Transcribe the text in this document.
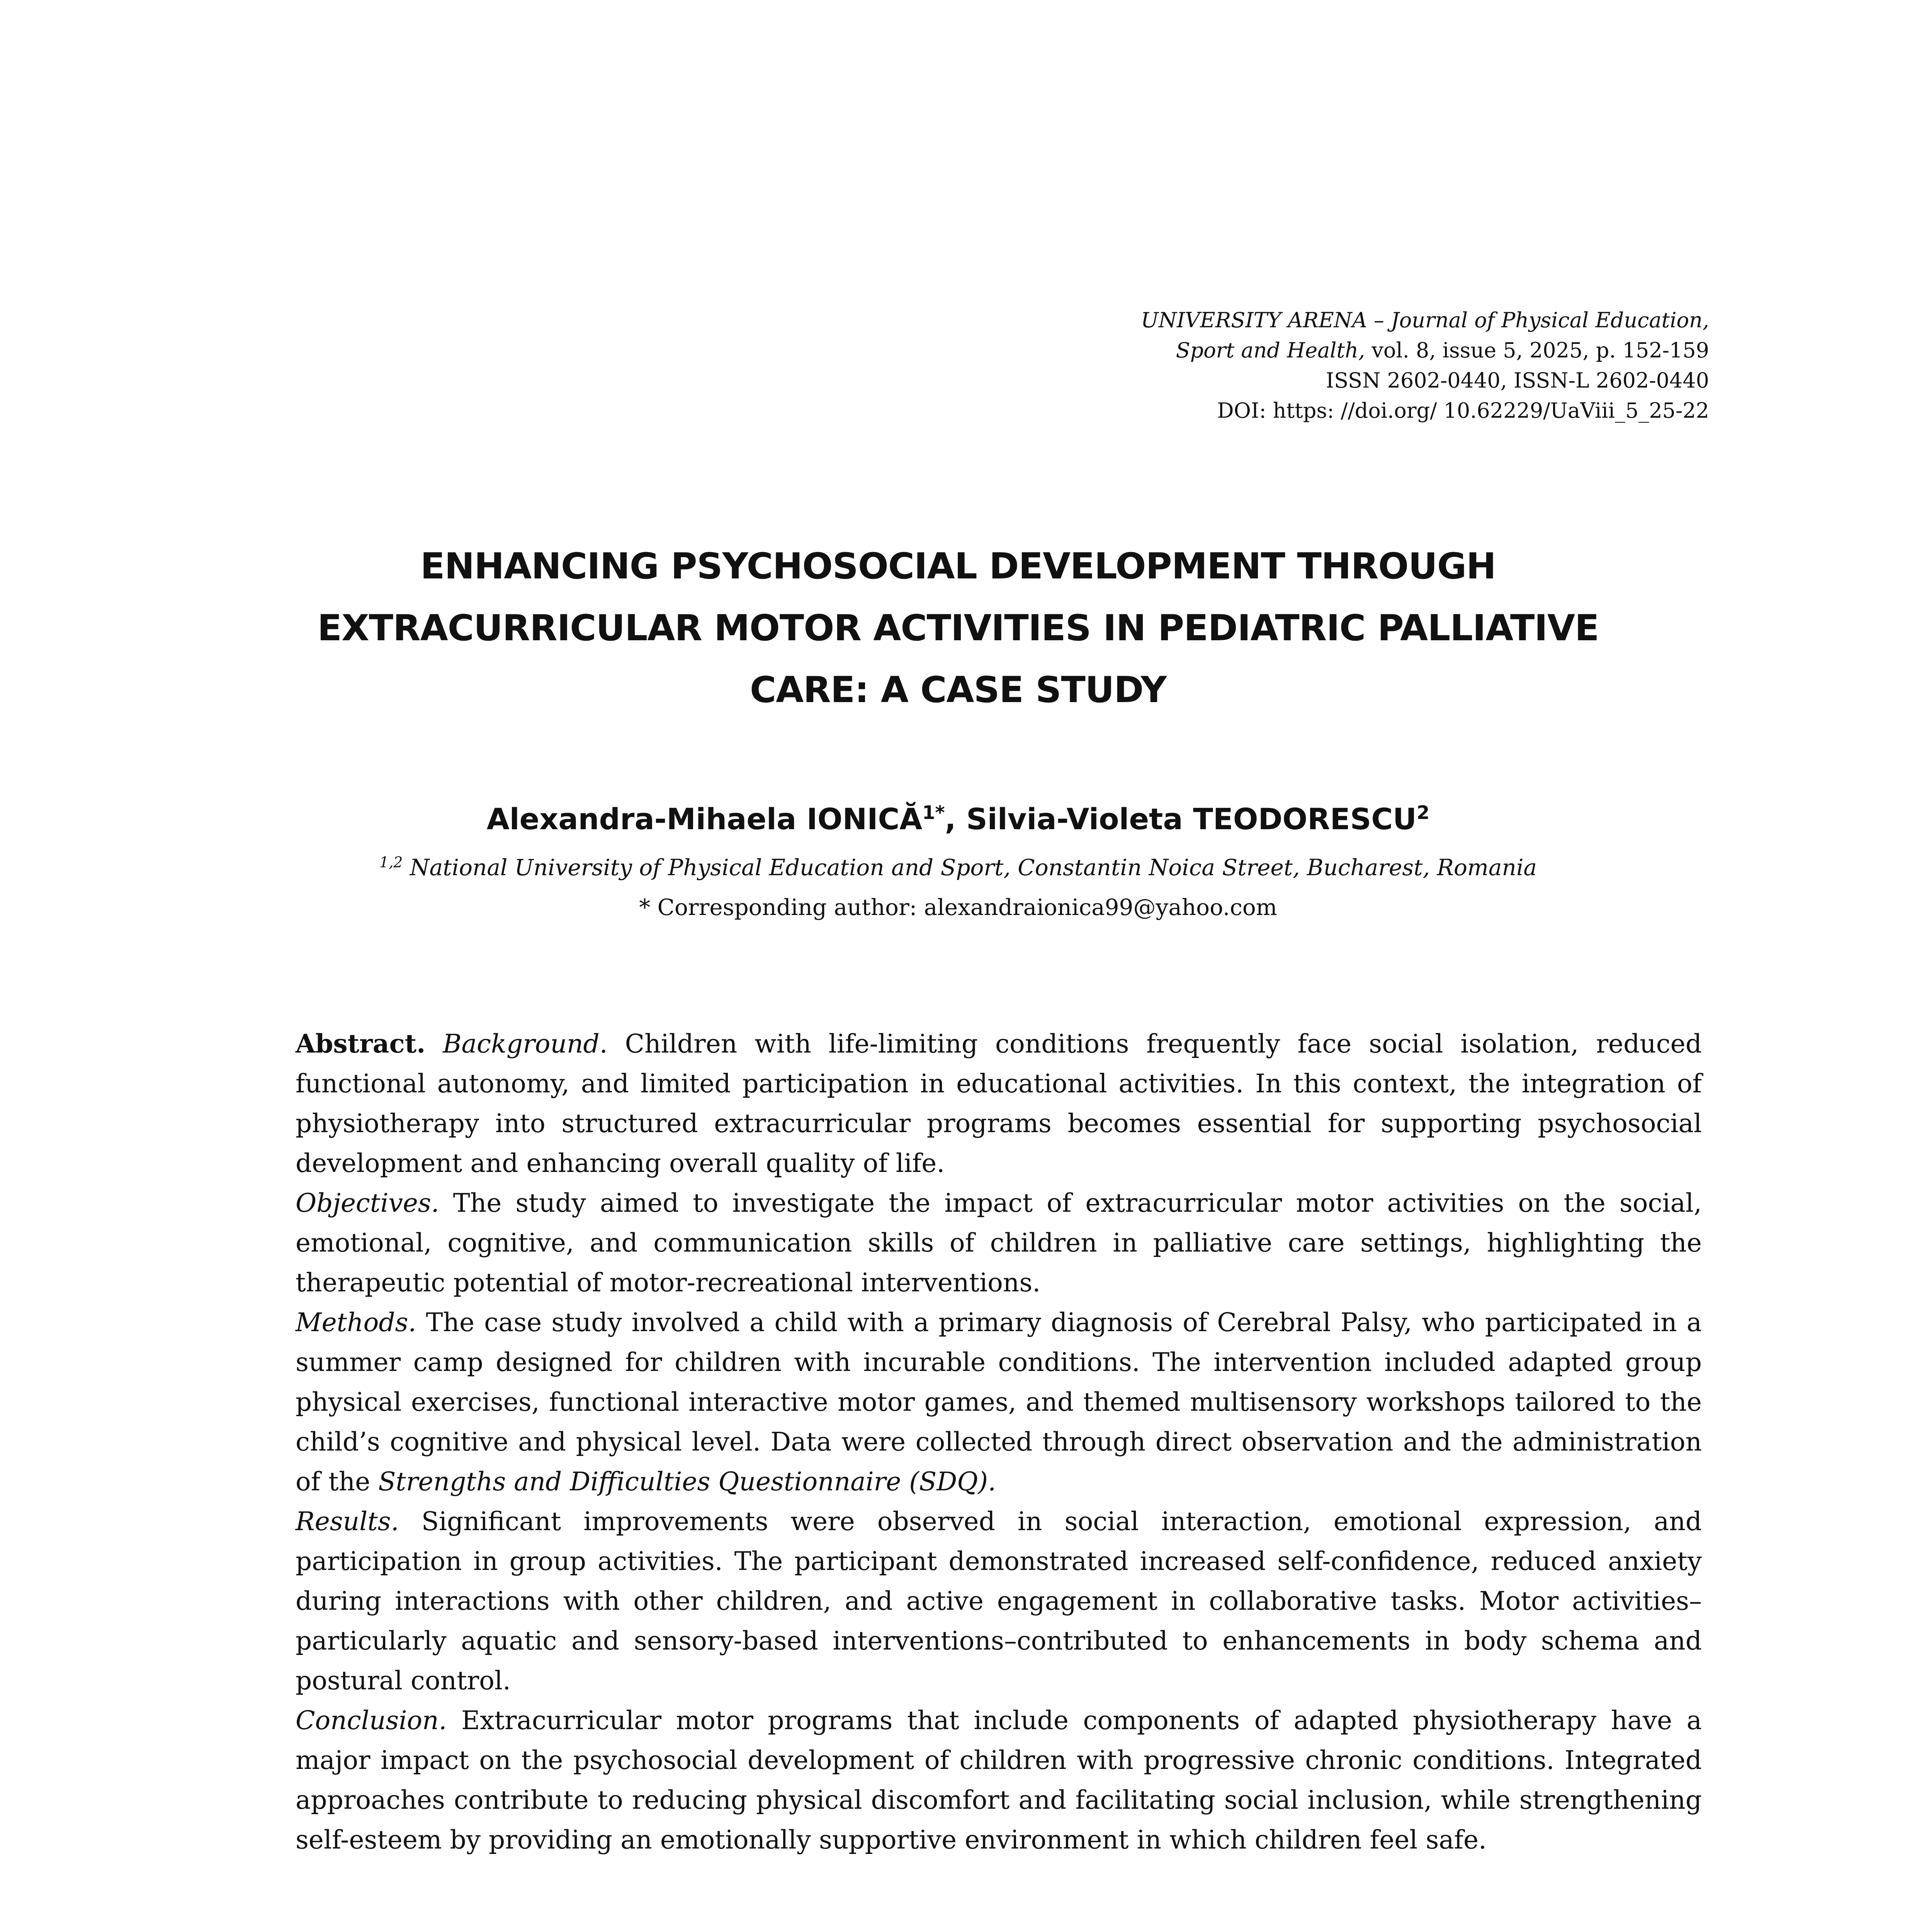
UNIVERSITY ARENA – Journal of Physical Education,
Sport and Health, vol. 8, issue 5, 2025, p. 152-159
ISSN 2602-0440, ISSN-L 2602-0440
DOI: https: //doi.org/ 10.62229/UaViii_5_25-22
ENHANCING PSYCHOSOCIAL DEVELOPMENT THROUGH
EXTRACURRICULAR MOTOR ACTIVITIES IN PEDIATRIC PALLIATIVE
CARE: A CASE STUDY
Alexandra-Mihaela $IONICĂ^{1*}$, Silvia-Violeta TEODORESCU$^2$
$^{1,2}$ National University of Physical Education and Sport, Constantin Noica Street, Bucharest, Romania
* Corresponding author: alexandraionica99@yahoo.com

Abstract. Background. Children with life-limiting conditions frequently face social isolation, reduced functional autonomy, and limited participation in educational activities. In this context, the integration of physiotherapy into structured extracurricular programs becomes essential for supporting psychosocial development and enhancing overall quality of life.

Objectives. The study aimed to investigate the impact of extracurricular motor activities on the social, emotional, cognitive, and communication skills of children in palliative care settings, highlighting the therapeutic potential of motor-recreational interventions.

Methods. The case study involved a child with a primary diagnosis of Cerebral Palsy, who participated in a summer camp designed for children with incurable conditions. The intervention included adapted group physical exercises, functional interactive motor games, and themed multisensory workshops tailored to the child’s cognitive and physical level. Data were collected through direct observation and the administration of the Strengths and Difficulties Questionnaire (SDQ).

Results. Significant improvements were observed in social interaction, emotional expression, and participation in group activities. The participant demonstrated increased self-confidence, reduced anxiety during interactions with other children, and active engagement in collaborative tasks. Motor activities–particularly aquatic and sensory-based interventions–contributed to enhancements in body schema and postural control.

Conclusion. Extracurricular motor programs that include components of adapted physiotherapy have a major impact on the psychosocial development of children with progressive chronic conditions. Integrated approaches contribute to reducing physical discomfort and facilitating social inclusion, while strengthening self-esteem by providing an emotionally supportive environment in which children feel safe.
